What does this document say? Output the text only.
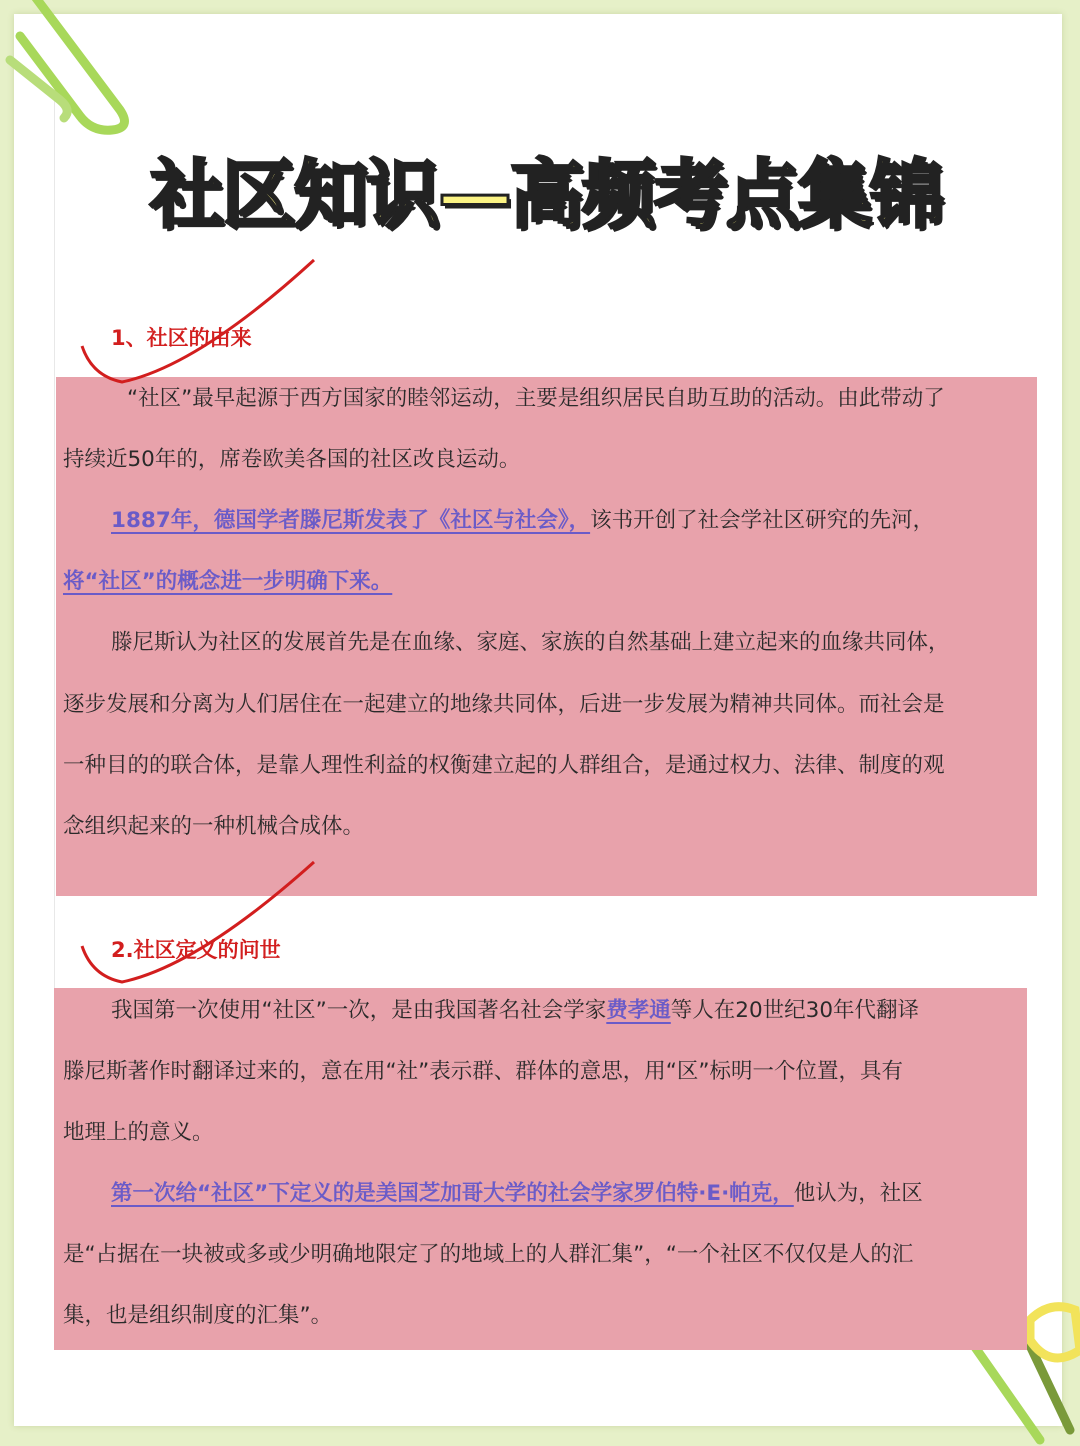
社区知识—高频考点集锦
1、社区的由来
2.社区定义的问世
“社区”最早起源于西方国家的睦邻运动，主要是组织居民自助互助的活动。由此带动了
持续近50年的，席卷欧美各国的社区改良运动。
1887年，德国学者滕尼斯发表了《社区与社会》，该书开创了社会学社区研究的先河，
将“社区”的概念进一步明确下来。
滕尼斯认为社区的发展首先是在血缘、家庭、家族的自然基础上建立起来的血缘共同体，
逐步发展和分离为人们居住在一起建立的地缘共同体，后进一步发展为精神共同体。而社会是
一种目的的联合体，是靠人理性利益的权衡建立起的人群组合，是通过权力、法律、制度的观
念组织起来的一种机械合成体。
我国第一次使用“社区”一次，是由我国著名社会学家费孝通等人在20世纪30年代翻译
滕尼斯著作时翻译过来的，意在用“社”表示群、群体的意思，用“区”标明一个位置，具有
地理上的意义。
第一次给“社区”下定义的是美国芝加哥大学的社会学家罗伯特·E·帕克，他认为，社区
是“占据在一块被或多或少明确地限定了的地域上的人群汇集”，“一个社区不仅仅是人的汇
集，也是组织制度的汇集”。
